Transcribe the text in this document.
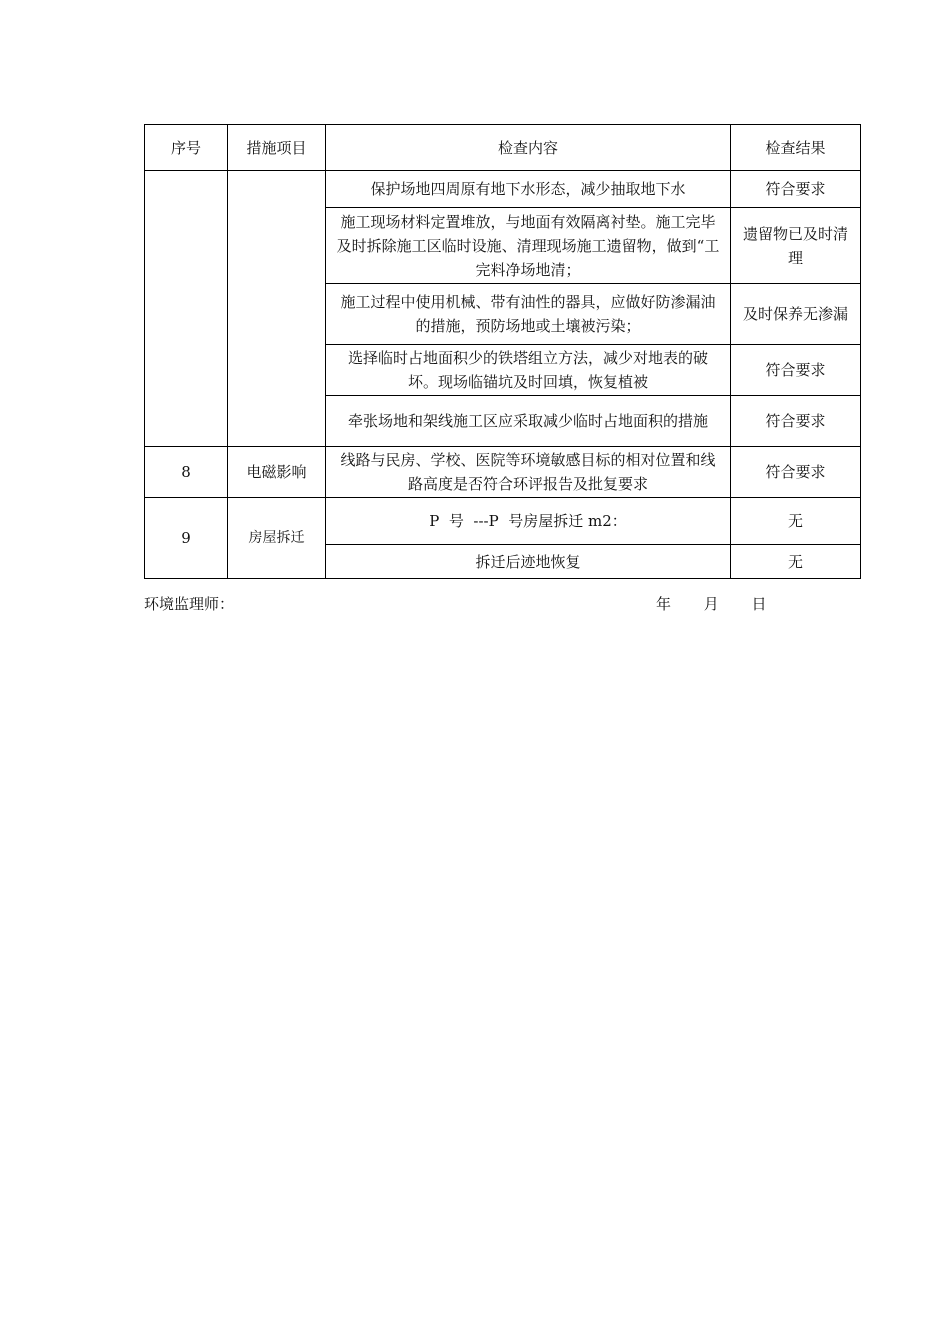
序号	措施项目	检查内容	检查结果
		保护场地四周原有地下水形态，减少抽取地下水	符合要求
		施工现场材料定置堆放，与地面有效隔离衬垫。施工完毕及时拆除施工区临时设施、清理现场施工遗留物，做到“工完料净场地清；	遗留物已及时清理
		施工过程中使用机械、带有油性的器具，应做好防渗漏油的措施，预防场地或土壤被污染；	及时保养无渗漏
		选择临时占地面积少的铁塔组立方法，减少对地表的破坏。现场临锚坑及时回填，恢复植被	符合要求
		牵张场地和架线施工区应采取减少临时占地面积的措施	符合要求
8	电磁影响	线路与民房、学校、医院等环境敏感目标的相对位置和线路高度是否符合环评报告及批复要求	符合要求
9	房屋拆迁	P  号  ---P  号房屋拆迁 m2：	无
		拆迁后迹地恢复	无
环境监理师：	年 月 日
